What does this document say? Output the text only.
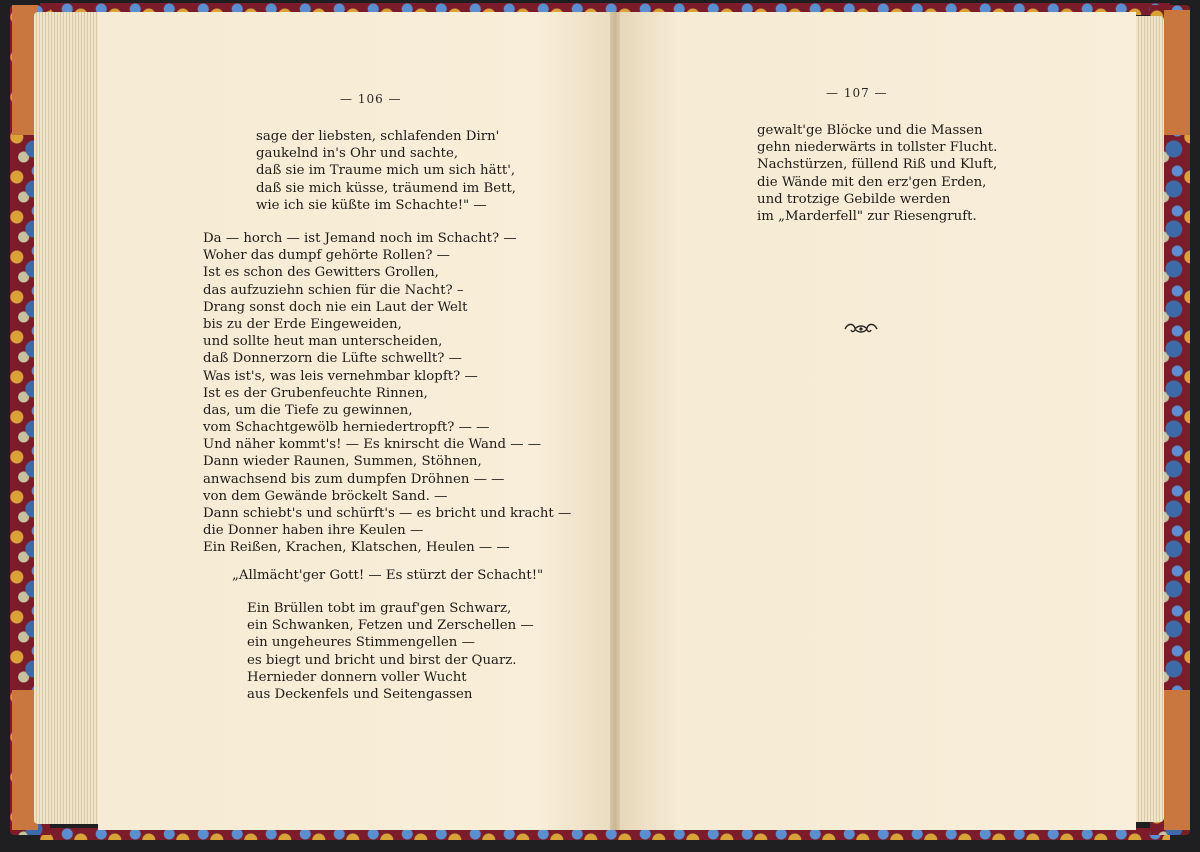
— 106 —
sage der liebsten, schlafenden Dirn'
gaukelnd in's Ohr und sachte,
daß sie im Traume mich um sich hätt',
daß sie mich küsse, träumend im Bett,
wie ich sie küßte im Schachte!" —
Da — horch — ist Jemand noch im Schacht? —
Woher das dumpf gehörte Rollen? —
Ist es schon des Gewitters Grollen,
das aufzuziehn schien für die Nacht? –
Drang sonst doch nie ein Laut der Welt
bis zu der Erde Eingeweiden,
und sollte heut man unterscheiden,
daß Donnerzorn die Lüfte schwellt? —
Was ist's, was leis vernehmbar klopft? —
Ist es der Grubenfeuchte Rinnen,
das, um die Tiefe zu gewinnen,
vom Schachtgewölb herniedertropft? — —
Und näher kommt's! — Es knirscht die Wand — —
Dann wieder Raunen, Summen, Stöhnen,
anwachsend bis zum dumpfen Dröhnen — —
von dem Gewände bröckelt Sand. —
Dann schiebt's und schürft's — es bricht und kracht —
die Donner haben ihre Keulen —
Ein Reißen, Krachen, Klatschen, Heulen — —
„Allmächt'ger Gott! — Es stürzt der Schacht!"
Ein Brüllen tobt im grauf'gen Schwarz,
ein Schwanken, Fetzen und Zerschellen —
ein ungeheures Stimmengellen —
es biegt und bricht und birst der Quarz.
Hernieder donnern voller Wucht
aus Deckenfels und Seitengassen
— 107 —
gewalt'ge Blöcke und die Massen
gehn niederwärts in tollster Flucht.
Nachstürzen, füllend Riß und Kluft,
die Wände mit den erz'gen Erden,
und trotzige Gebilde werden
im „Marderfell" zur Riesengruft.
